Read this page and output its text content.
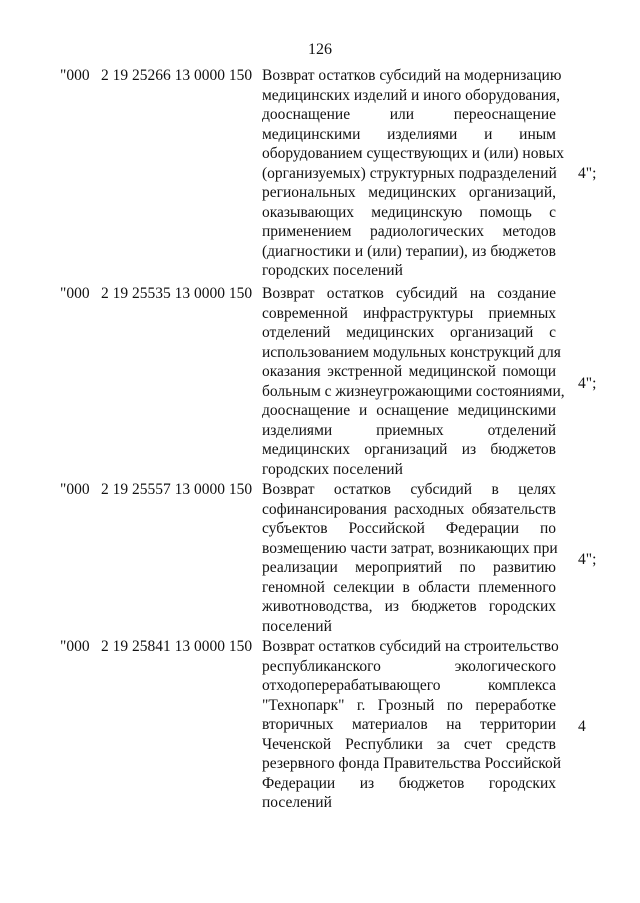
126
"000 2 19 25266 13 0000 150 Возврат остатков субсидий на модернизацию
медицинских изделий и иного оборудования,
дооснащение или переоснащение
медицинскими изделиями и иным
оборудованием существующих и (или) новых
(организуемых) структурных подразделений
региональных медицинских организаций,
оказывающих медицинскую помощь с
применением радиологических методов
(диагностики и (или) терапии), из бюджетов
городских поселений
4";
"000 2 19 25535 13 0000 150 Возврат остатков субсидий на создание
современной инфраструктуры приемных
отделений медицинских организаций с
использованием модульных конструкций для
оказания экстренной медицинской помощи
больным с жизнеугрожающими состояниями,
дооснащение и оснащение медицинскими
изделиями приемных отделений
медицинских организаций из бюджетов
городских поселений
4";
"000 2 19 25557 13 0000 150 Возврат остатков субсидий в целях
софинансирования расходных обязательств
субъектов Российской Федерации по
возмещению части затрат, возникающих при
реализации мероприятий по развитию
геномной селекции в области племенного
животноводства, из бюджетов городских
поселений
4";
"000 2 19 25841 13 0000 150 Возврат остатков субсидий на строительство
республиканского экологического
отходоперерабатывающего комплекса
"Технопарк" г. Грозный по переработке
вторичных материалов на территории
Чеченской Республики за счет средств
резервного фонда Правительства Российской
Федерации из бюджетов городских
поселений
4
